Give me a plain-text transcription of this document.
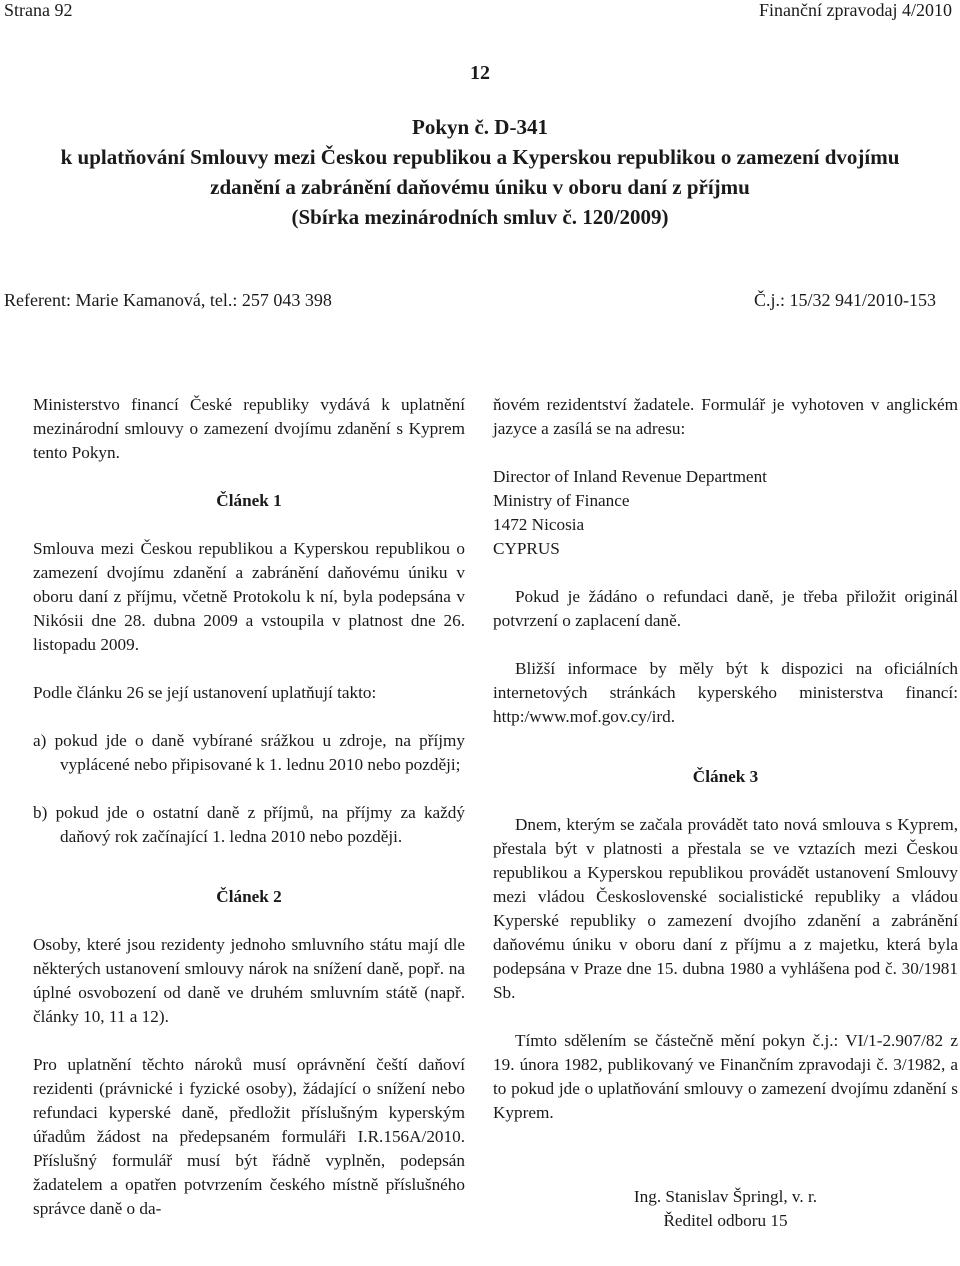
Strana 92	Finanční zpravodaj 4/2010
12
Pokyn č. D-341
k uplatňování Smlouvy mezi Českou republikou a Kyperskou republikou o zamezení dvojímu
zdanění a zabránění daňovému úniku v oboru daní z příjmu
(Sbírka mezinárodních smluv č. 120/2009)
Referent: Marie Kamanová, tel.: 257 043 398	Č.j.: 15/32 941/2010-153

Ministerstvo financí České republiky vydává k uplatnění mezinárodní smlouvy o zamezení dvojímu zdanění s Kyprem tento Pokyn.

Článek 1

Smlouva mezi Českou republikou a Kyperskou republikou o zamezení dvojímu zdanění a zabránění daňovému úniku v oboru daní z příjmu, včetně Protokolu k ní, byla podepsána v Nikósii dne 28. dubna 2009 a vstoupila v platnost dne 26. listopadu 2009.

Podle článku 26 se její ustanovení uplatňují takto:

a) pokud jde o daně vybírané srážkou u zdroje, na příjmy vyplácené nebo připisované k 1. lednu 2010 nebo později;
b) pokud jde o ostatní daně z příjmů, na příjmy za každý daňový rok začínající 1. ledna 2010 nebo později.
Článek 2

Osoby, které jsou rezidenty jednoho smluvního státu mají dle některých ustanovení smlouvy nárok na snížení daně, popř. na úplné osvobození od daně ve druhém smluvním státě (např. články 10, 11 a 12).

Pro uplatnění těchto nároků musí oprávnění čeští daňoví rezidenti (právnické i fyzické osoby), žádající o snížení nebo refundaci kyperské daně, předložit příslušným kyperským úřadům žádost na předepsaném formuláři I.R.156A/2010. Příslušný formulář musí být řádně vyplněn, podepsán žadatelem a opatřen potvrzením českého místně příslušného správce daně o da-

ňovém rezidentství žadatele. Formulář je vyhotoven v anglickém jazyce a zasílá se na adresu:

Director of Inland Revenue Department
Ministry of Finance
1472 Nicosia
CYPRUS

Pokud je žádáno o refundaci daně, je třeba přiložit originál potvrzení o zaplacení daně.

Bližší informace by měly být k dispozici na oficiálních internetových stránkách kyperského ministerstva financí: http:/www.mof.gov.cy/ird.

Článek 3

Dnem, kterým se začala provádět tato nová smlouva s Kyprem, přestala být v platnosti a přestala se ve vztazích mezi Českou republikou a Kyperskou republikou provádět ustanovení Smlouvy mezi vládou Československé socialistické republiky a vládou Kyperské republiky o zamezení dvojího zdanění a zabránění daňovému úniku v oboru daní z příjmu a z majetku, která byla podepsána v Praze dne 15. dubna 1980 a vyhlášena pod č. 30/1981 Sb.

Tímto sdělením se částečně mění pokyn č.j.: VI/1-2.907/82 z 19. února 1982, publikovaný ve Finančním zpravodaji č. 3/1982, a to pokud jde o uplatňování smlouvy o zamezení dvojímu zdanění s Kyprem.

Ing. Stanislav Špringl, v. r.
Ředitel odboru 15
